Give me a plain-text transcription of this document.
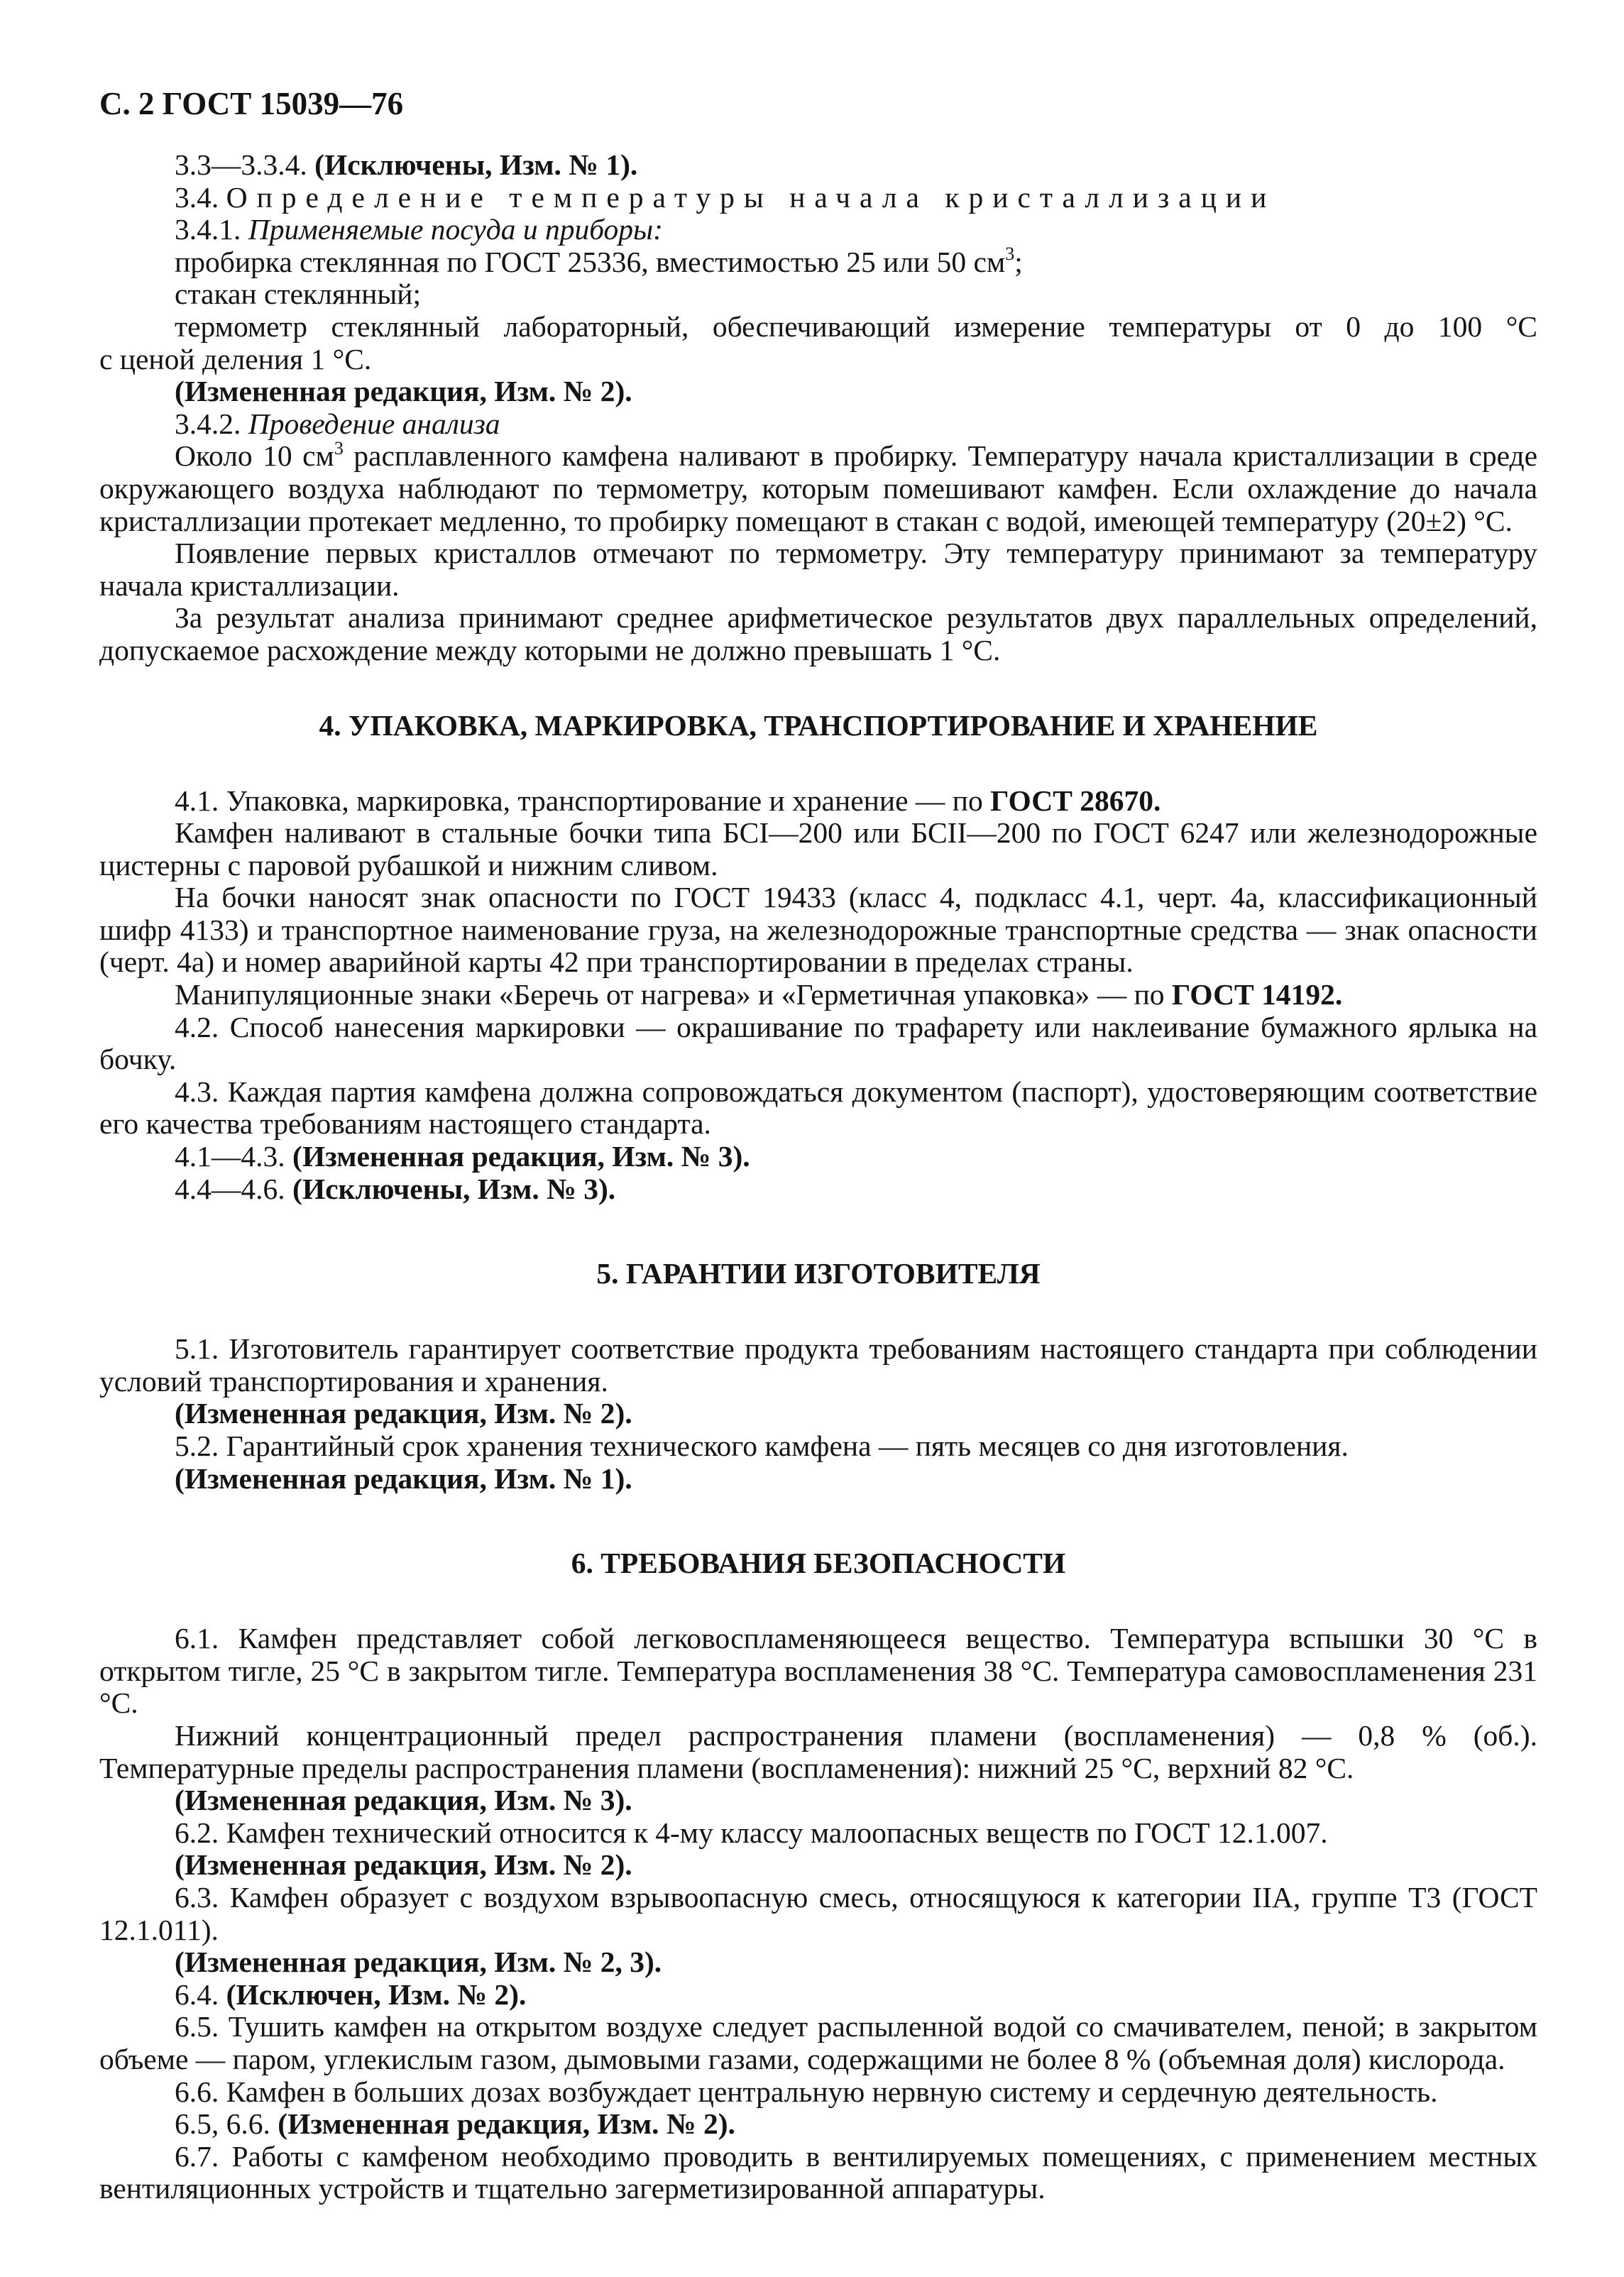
С. 2 ГОСТ 15039—76

3.3—3.3.4. (Исключены, Изм. № 1).

3.4. Определение температуры начала кристаллизации

3.4.1. Применяемые посуда и приборы:

пробирка стеклянная по ГОСТ 25336, вместимостью 25 или 50 $см^3$;

стакан стеклянный;

термометр стеклянный лабораторный, обеспечивающий измерение температуры от 0 до 100 °С

с ценой деления 1 °С.

(Измененная редакция, Изм. № 2).

3.4.2. Проведение анализа

Около 10 $см^3$ расплавленного камфена наливают в пробирку. Температуру начала кристаллизации в среде окружающего воздуха наблюдают по термометру, которым помешивают камфен. Если охлаждение до начала кристаллизации протекает медленно, то пробирку помещают в стакан с водой, имеющей температуру (20±2) °С.

Появление первых кристаллов отмечают по термометру. Эту температуру принимают за температуру начала кристаллизации.

За результат анализа принимают среднее арифметическое результатов двух параллельных определений, допускаемое расхождение между которыми не должно превышать 1 °С.

4. УПАКОВКА, МАРКИРОВКА, ТРАНСПОРТИРОВАНИЕ И ХРАНЕНИЕ

4.1. Упаковка, маркировка, транспортирование и хранение — по ГОСТ 28670.

Камфен наливают в стальные бочки типа БСI—200 или БСII—200 по ГОСТ 6247 или железнодорожные цистерны с паровой рубашкой и нижним сливом.

На бочки наносят знак опасности по ГОСТ 19433 (класс 4, подкласс 4.1, черт. 4а, классификационный шифр 4133) и транспортное наименование груза, на железнодорожные транспортные средства — знак опасности (черт. 4а) и номер аварийной карты 42 при транспортировании в пределах страны.

Манипуляционные знаки «Беречь от нагрева» и «Герметичная упаковка» — по ГОСТ 14192.

4.2. Способ нанесения маркировки — окрашивание по трафарету или наклеивание бумажного ярлыка на бочку.

4.3. Каждая партия камфена должна сопровождаться документом (паспорт), удостоверяющим соответствие его качества требованиям настоящего стандарта.

4.1—4.3. (Измененная редакция, Изм. № 3).

4.4—4.6. (Исключены, Изм. № 3).

5. ГАРАНТИИ ИЗГОТОВИТЕЛЯ

5.1. Изготовитель гарантирует соответствие продукта требованиям настоящего стандарта при соблюдении условий транспортирования и хранения.

(Измененная редакция, Изм. № 2).

5.2. Гарантийный срок хранения технического камфена — пять месяцев со дня изготовления.

(Измененная редакция, Изм. № 1).

6. ТРЕБОВАНИЯ БЕЗОПАСНОСТИ

6.1. Камфен представляет собой легковоспламеняющееся вещество. Температура вспышки 30 °С в открытом тигле, 25 °С в закрытом тигле. Температура воспламенения 38 °С. Температура самовоспламенения 231 °С.

Нижний концентрационный предел распространения пламени (воспламенения) — 0,8 % (об.). Температурные пределы распространения пламени (воспламенения): нижний 25 °С, верхний 82 °С.

(Измененная редакция, Изм. № 3).

6.2. Камфен технический относится к 4-му классу малоопасных веществ по ГОСТ 12.1.007.

(Измененная редакция, Изм. № 2).

6.3. Камфен образует с воздухом взрывоопасную смесь, относящуюся к категории IIА, группе Т3 (ГОСТ 12.1.011).

(Измененная редакция, Изм. № 2, 3).

6.4. (Исключен, Изм. № 2).

6.5. Тушить камфен на открытом воздухе следует распыленной водой со смачивателем, пеной; в закрытом объеме — паром, углекислым газом, дымовыми газами, содержащими не более 8 % (объемная доля) кислорода.

6.6. Камфен в больших дозах возбуждает центральную нервную систему и сердечную деятельность.

6.5, 6.6. (Измененная редакция, Изм. № 2).

6.7. Работы с камфеном необходимо проводить в вентилируемых помещениях, с применением местных вентиляционных устройств и тщательно загерметизированной аппаратуры.
